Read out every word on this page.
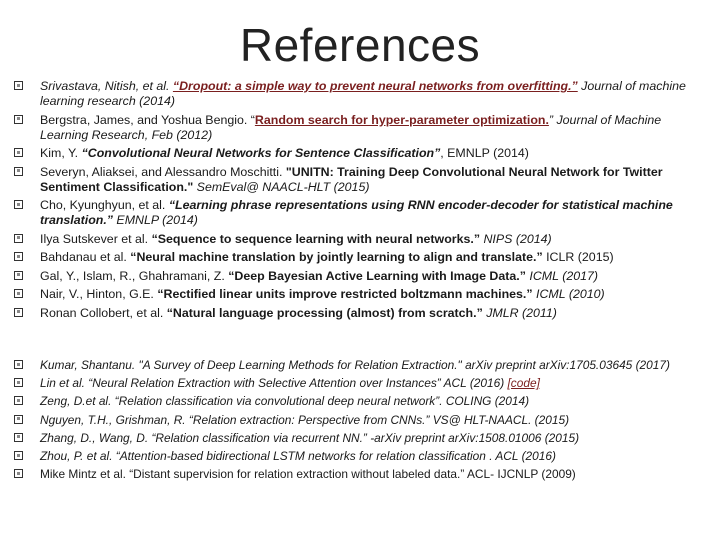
References
Srivastava, Nitish, et al. “Dropout: a simple way to prevent neural networks from overfitting.” Journal of machine learning research (2014)
Bergstra, James, and Yoshua Bengio. “Random search for hyper-parameter optimization.” Journal of Machine Learning Research, Feb (2012)
Kim, Y. “Convolutional Neural Networks for Sentence Classification”, EMNLP (2014)
Severyn, Aliaksei, and Alessandro Moschitti. "UNITN: Training Deep Convolutional Neural Network for Twitter Sentiment Classification." SemEval@ NAACL-HLT (2015)
Cho, Kyunghyun, et al. “Learning phrase representations using RNN encoder-decoder for statistical machine translation.” EMNLP (2014)
Ilya Sutskever et al. “Sequence to sequence learning with neural networks.” NIPS (2014)
Bahdanau et al. “Neural machine translation by jointly learning to align and translate.” ICLR (2015)
Gal, Y., Islam, R., Ghahramani, Z. “Deep Bayesian Active Learning with Image Data.” ICML (2017)
Nair, V., Hinton, G.E. “Rectified linear units improve restricted boltzmann machines.” ICML (2010)
Ronan Collobert, et al. “Natural language processing (almost) from scratch.” JMLR (2011)
Kumar, Shantanu. "A Survey of Deep Learning Methods for Relation Extraction." arXiv preprint arXiv:1705.03645 (2017)
Lin et al. “Neural Relation Extraction with Selective Attention over Instances” ACL (2016) [code]
Zeng, D.et al. “Relation classification via convolutional deep neural network”. COLING (2014)
Nguyen, T.H., Grishman, R. “Relation extraction: Perspective from CNNs.” VS@ HLT-NAACL. (2015)
Zhang, D., Wang, D. “Relation classification via recurrent NN.” -arXiv preprint arXiv:1508.01006 (2015)
Zhou, P. et al. “Attention-based bidirectional LSTM networks for relation classification . ACL (2016)
Mike Mintz et al. “Distant supervision for relation extraction without labeled data.” ACL- IJCNLP (2009)
